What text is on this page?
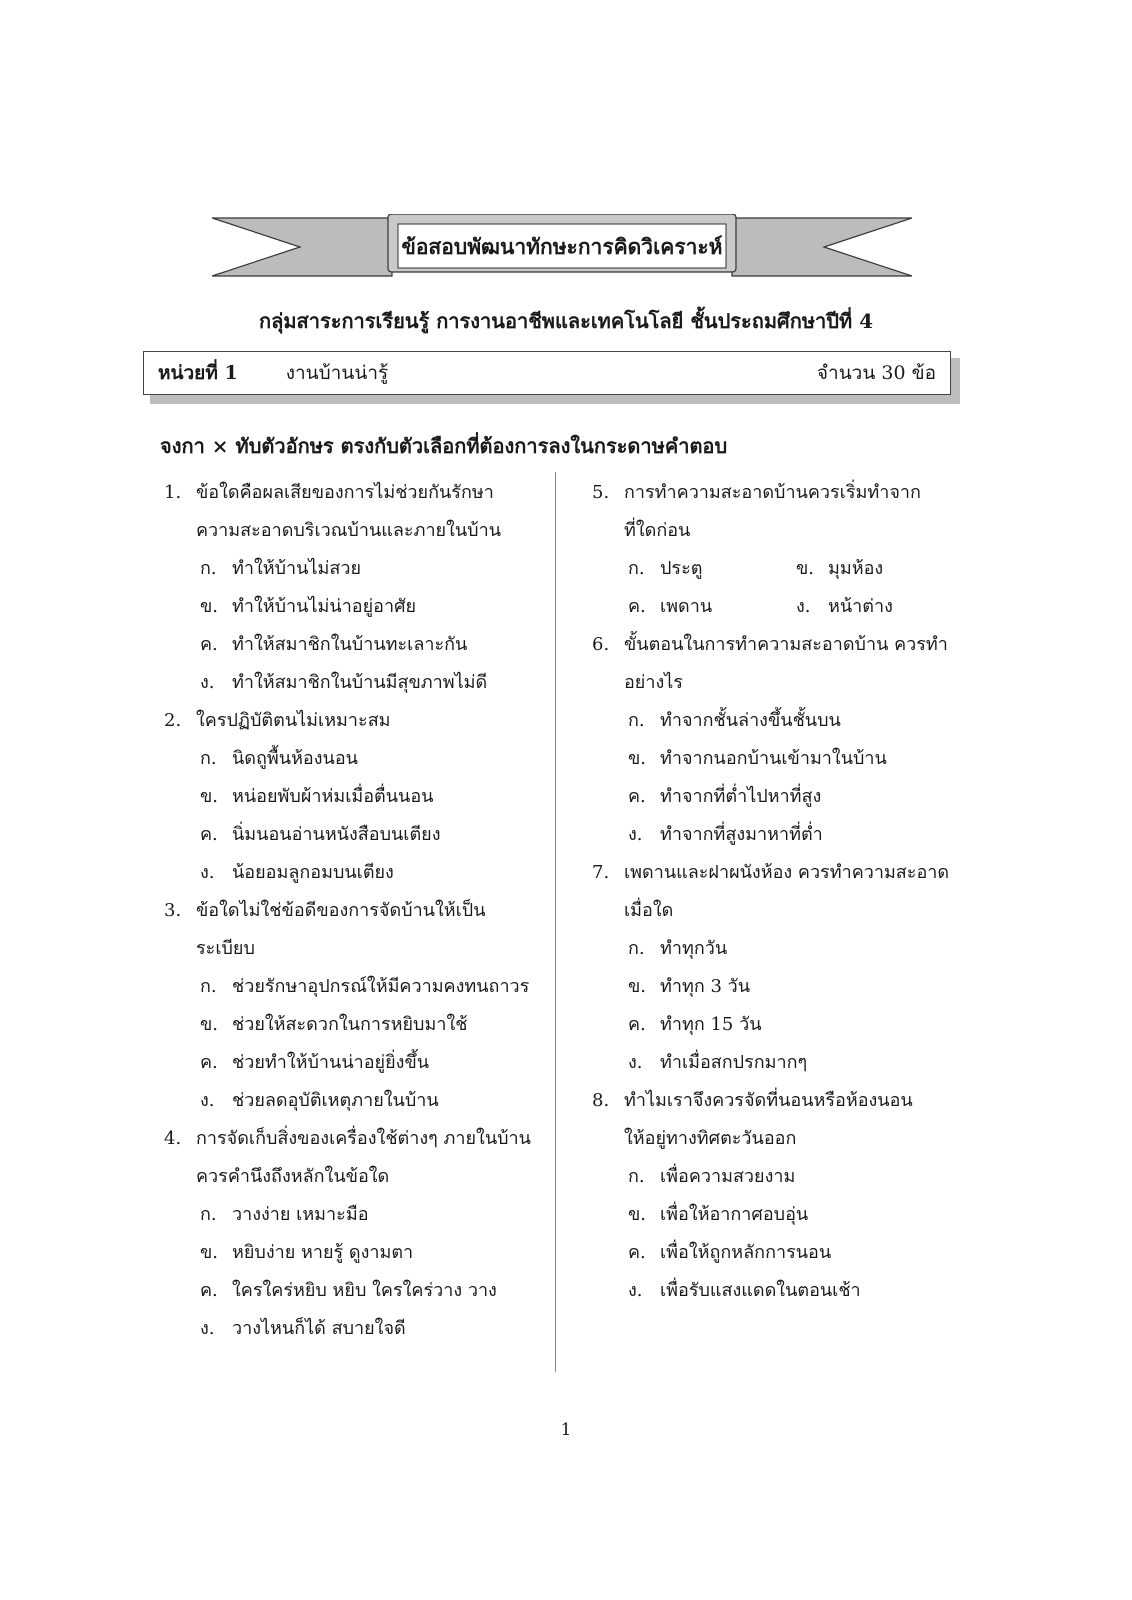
ข้อสอบพัฒนาทักษะการคิดวิเคราะห์
กลุ่มสาระการเรียนรู้ การงานอาชีพและเทคโนโลยี ชั้นประถมศึกษาปีที่ 4
หน่วยที่ 1	งานบ้านน่ารู้	จำนวน 30 ข้อ
จงกา × ทับตัวอักษร ตรงกับตัวเลือกที่ต้องการลงในกระดาษคำตอบ
1. ข้อใดคือผลเสียของการไม่ช่วยกันรักษา
ความสะอาดบริเวณบ้านและภายในบ้าน
ก. ทำให้บ้านไม่สวย
ข. ทำให้บ้านไม่น่าอยู่อาศัย
ค. ทำให้สมาชิกในบ้านทะเลาะกัน
ง. ทำให้สมาชิกในบ้านมีสุขภาพไม่ดี
2. ใครปฏิบัติตนไม่เหมาะสม
ก. นิดถูพื้นห้องนอน
ข. หน่อยพับผ้าห่มเมื่อตื่นนอน
ค. นิ่มนอนอ่านหนังสือบนเตียง
ง. น้อยอมลูกอมบนเตียง
3. ข้อใดไม่ใช่ข้อดีของการจัดบ้านให้เป็น
ระเบียบ
ก. ช่วยรักษาอุปกรณ์ให้มีความคงทนถาวร
ข. ช่วยให้สะดวกในการหยิบมาใช้
ค. ช่วยทำให้บ้านน่าอยู่ยิ่งขึ้น
ง. ช่วยลดอุบัติเหตุภายในบ้าน
4. การจัดเก็บสิ่งของเครื่องใช้ต่างๆ ภายในบ้าน
ควรคำนึงถึงหลักในข้อใด
ก. วางง่าย เหมาะมือ
ข. หยิบง่าย หายรู้ ดูงามตา
ค. ใครใคร่หยิบ หยิบ ใครใคร่วาง วาง
ง. วางไหนก็ได้ สบายใจดี
5. การทำความสะอาดบ้านควรเริ่มทำจาก
ที่ใดก่อน
ก. ประตู	ข. มุมห้อง
ค. เพดาน	ง. หน้าต่าง
6. ขั้นตอนในการทำความสะอาดบ้าน ควรทำ
อย่างไร
ก. ทำจากชั้นล่างขึ้นชั้นบน
ข. ทำจากนอกบ้านเข้ามาในบ้าน
ค. ทำจากที่ต่ำไปหาที่สูง
ง. ทำจากที่สูงมาหาที่ต่ำ
7. เพดานและฝาผนังห้อง ควรทำความสะอาด
เมื่อใด
ก. ทำทุกวัน
ข. ทำทุก 3 วัน
ค. ทำทุก 15 วัน
ง. ทำเมื่อสกปรกมากๆ
8. ทำไมเราจึงควรจัดที่นอนหรือห้องนอน
ให้อยู่ทางทิศตะวันออก
ก. เพื่อความสวยงาม
ข. เพื่อให้อากาศอบอุ่น
ค. เพื่อให้ถูกหลักการนอน
ง. เพื่อรับแสงแดดในตอนเช้า
1
